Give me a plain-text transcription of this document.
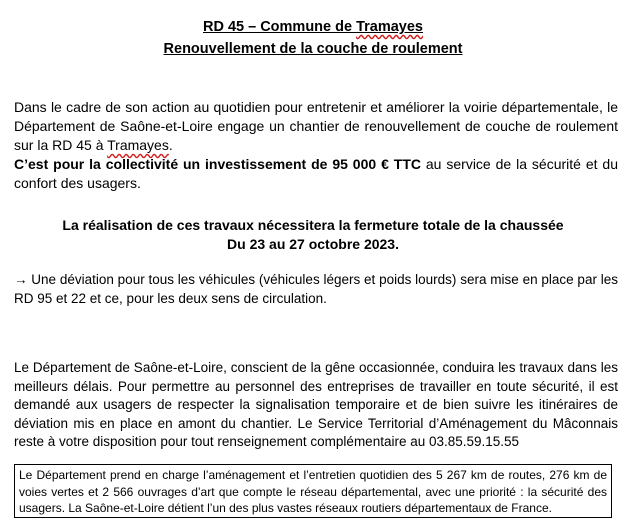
RD 45 – Commune de Tramayes
Renouvellement de la couche de roulement
Dans le cadre de son action au quotidien pour entretenir et améliorer la voirie départementale, le Département de Saône-et-Loire engage un chantier de renouvellement de couche de roulement sur la RD 45 à Tramayes.
C’est pour la collectivité un investissement de 95 000 € TTC au service de la sécurité et du confort des usagers.
La réalisation de ces travaux nécessitera la fermeture totale de la chaussée
Du 23 au 27 octobre 2023.
→ Une déviation pour tous les véhicules (véhicules légers et poids lourds) sera mise en place par les RD 95 et 22 et ce, pour les deux sens de circulation.
Le Département de Saône-et-Loire, conscient de la gêne occasionnée, conduira les travaux dans les meilleurs délais. Pour permettre au personnel des entreprises de travailler en toute sécurité, il est demandé aux usagers de respecter la signalisation temporaire et de bien suivre les itinéraires de déviation mis en place en amont du chantier. Le Service Territorial d’Aménagement du Mâconnais reste à votre disposition pour tout renseignement complémentaire au 03.85.59.15.55
Le Département prend en charge l’aménagement et l’entretien quotidien des 5 267 km de routes, 276 km de voies vertes et 2 566 ouvrages d’art que compte le réseau départemental, avec une priorité : la sécurité des usagers. La Saône-et-Loire détient l’un des plus vastes réseaux routiers départementaux de France.
